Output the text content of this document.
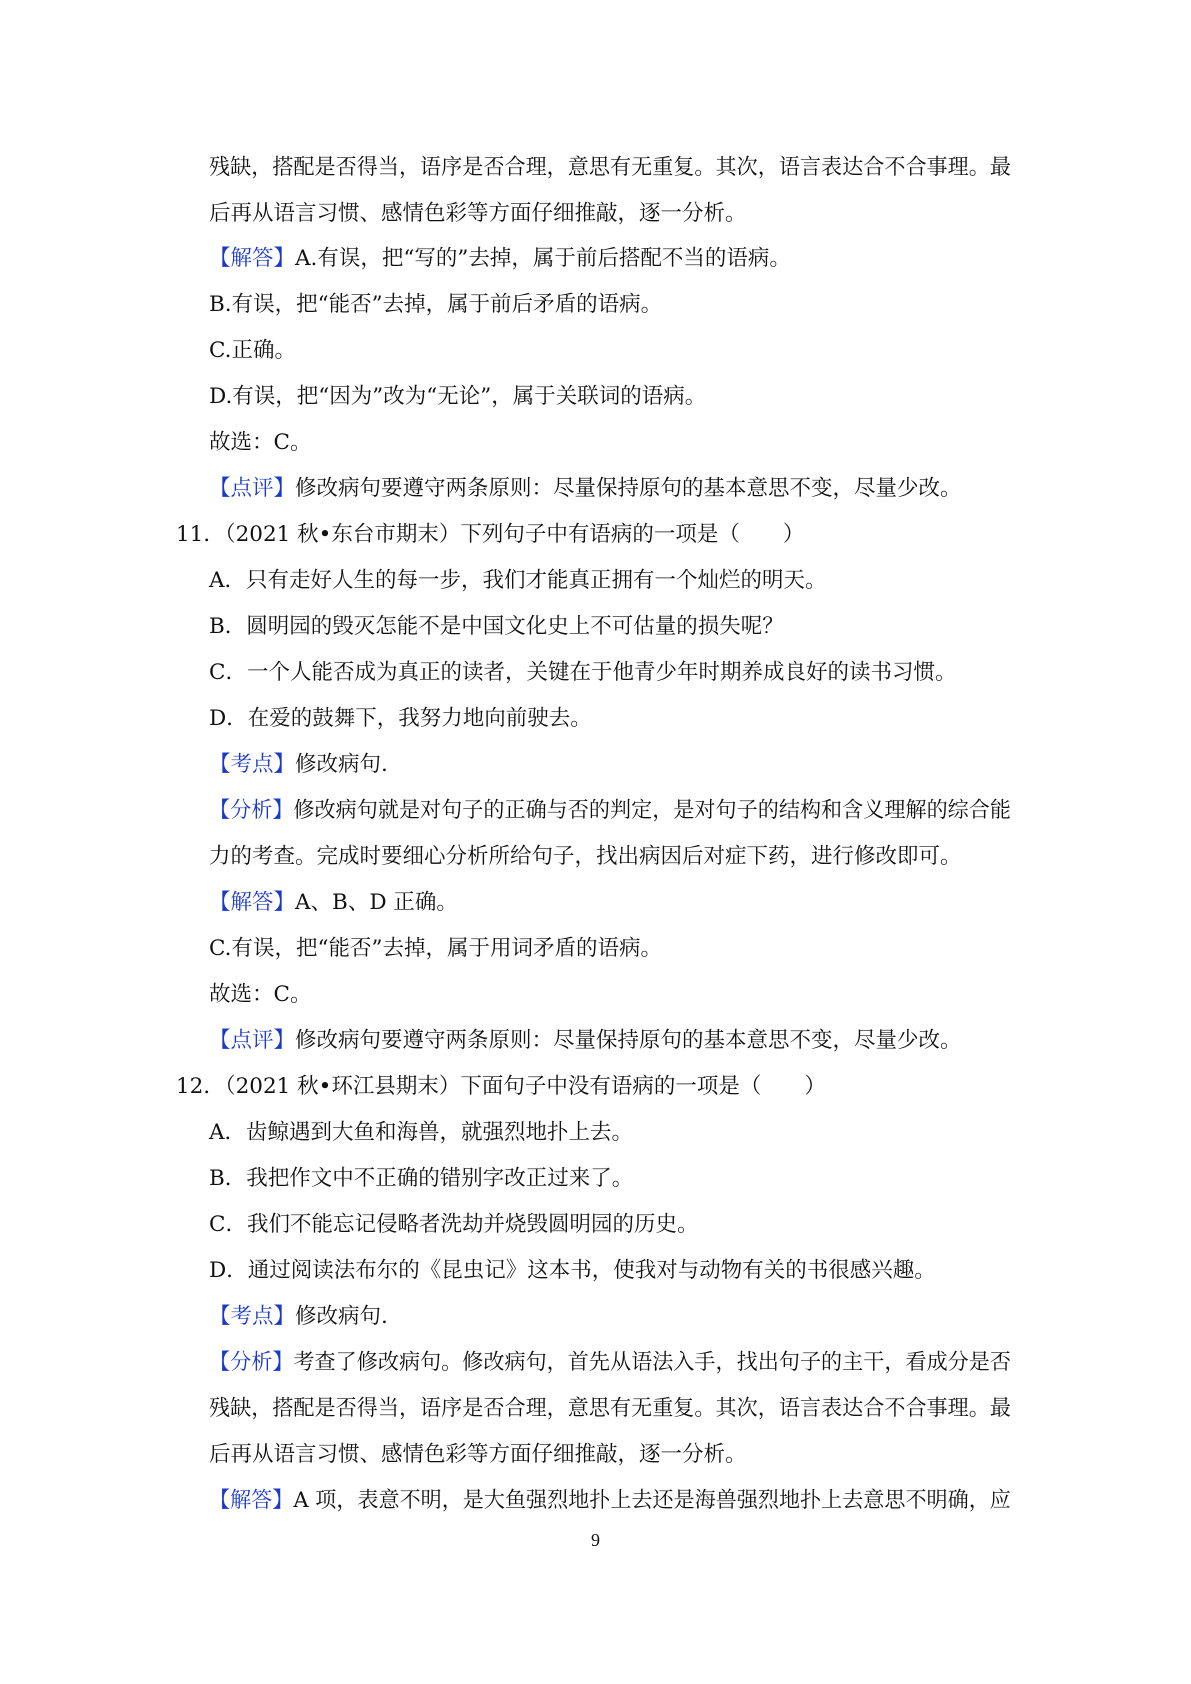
残缺，搭配是否得当，语序是否合理，意思有无重复。其次，语言表达合不合事理。最
后再从语言习惯、感情色彩等方面仔细推敲，逐一分析。
【解答】A.有误，把“写的”去掉，属于前后搭配不当的语病。
B.有误，把“能否”去掉，属于前后矛盾的语病。
C.正确。
D.有误，把“因为”改为“无论”，属于关联词的语病。
故选：C。
【点评】修改病句要遵守两条原则：尽量保持原句的基本意思不变，尽量少改。
11．（2021 秋•东台市期末）下列句子中有语病的一项是（　　）
A．只有走好人生的每一步，我们才能真正拥有一个灿烂的明天。
B．圆明园的毁灭怎能不是中国文化史上不可估量的损失呢？
C．一个人能否成为真正的读者，关键在于他青少年时期养成良好的读书习惯。
D．在爱的鼓舞下，我努力地向前驶去。
【考点】修改病句.
【分析】修改病句就是对句子的正确与否的判定，是对句子的结构和含义理解的综合能
力的考查。完成时要细心分析所给句子，找出病因后对症下药，进行修改即可。
【解答】A、B、D 正确。
C.有误，把“能否”去掉，属于用词矛盾的语病。
故选：C。
【点评】修改病句要遵守两条原则：尽量保持原句的基本意思不变，尽量少改。
12．（2021 秋•环江县期末）下面句子中没有语病的一项是（　　）
A．齿鲸遇到大鱼和海兽，就强烈地扑上去。
B．我把作文中不正确的错别字改正过来了。
C．我们不能忘记侵略者洗劫并烧毁圆明园的历史。
D．通过阅读法布尔的《昆虫记》这本书，使我对与动物有关的书很感兴趣。
【考点】修改病句.
【分析】考查了修改病句。修改病句，首先从语法入手，找出句子的主干，看成分是否
残缺，搭配是否得当，语序是否合理，意思有无重复。其次，语言表达合不合事理。最
后再从语言习惯、感情色彩等方面仔细推敲，逐一分析。
【解答】A 项，表意不明，是大鱼强烈地扑上去还是海兽强烈地扑上去意思不明确，应
9
